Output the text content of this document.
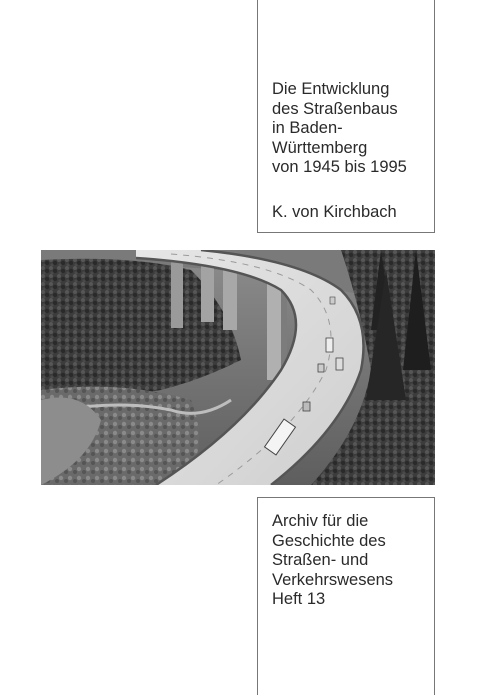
Die Entwicklung
des Straßenbaus
in Baden-
Württemberg
von 1945 bis 1995
K. von Kirchbach
Archiv für die
Geschichte des
Straßen- und
Verkehrswesens
Heft 13
